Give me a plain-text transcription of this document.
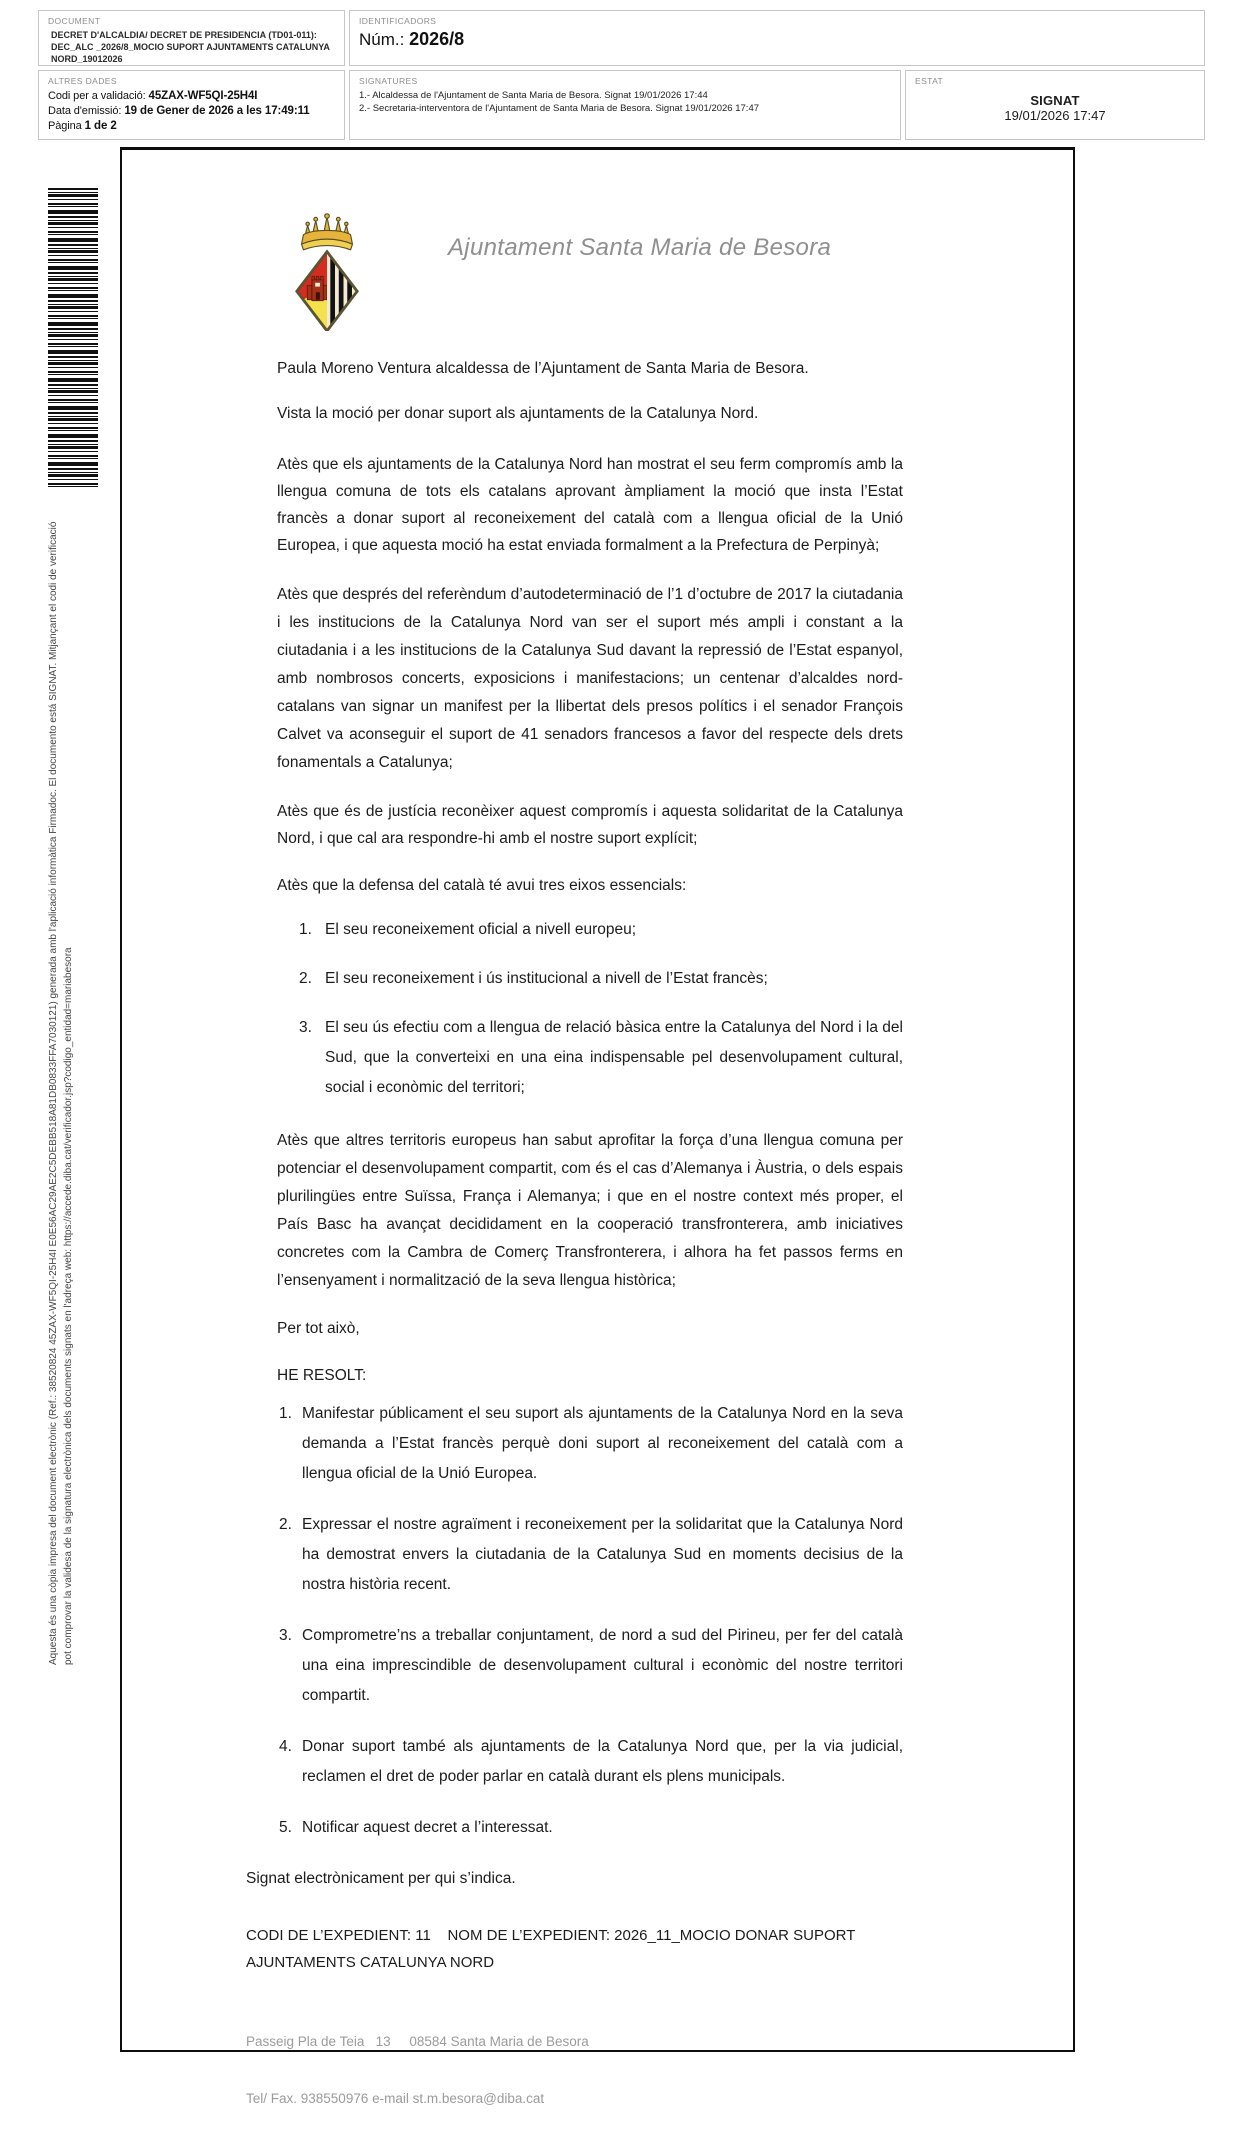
DOCUMENT
DECRET D'ALCALDIA/ DECRET DE PRESIDENCIA (TD01-011): DEC_ALC _2026/8_MOCIO SUPORT AJUNTAMENTS CATALUNYA NORD_19012026
IDENTIFICADORS
Núm.: 2026/8
ALTRES DADES
Codi per a validació: 45ZAX-WF5QI-25H4I
Data d'emissió: 19 de Gener de 2026 a les 17:49:11
Pàgina 1 de 2
SIGNATURES
1.- Alcaldessa de l'Ajuntament de Santa Maria de Besora. Signat 19/01/2026 17:44
2.- Secretaria-interventora de l'Ajuntament de Santa Maria de Besora. Signat 19/01/2026 17:47
ESTAT
SIGNAT
19/01/2026 17:47
Aquesta és una còpia impresa del document electrònic (Ref.: 38520824 45ZAX-WF5QI-25H4I E0E56AC29AE2C5DEBB518A81DB0833FFA7030121) generada amb l'aplicació informàtica Firmadoc. El documento está SIGNAT. Mitjançant el codi de verificació pot comprovar la validesa de la signatura electrònica dels documents signats en l'adreça web: https://accede.diba.cat/verificador.jsp?codigo_entidad=mariabesora
Ajuntament Santa Maria de Besora

Paula Moreno Ventura alcaldessa de l’Ajuntament de Santa Maria de Besora.

Vista la moció per donar suport als ajuntaments de la Catalunya Nord.

Atès que els ajuntaments de la Catalunya Nord han mostrat el seu ferm compromís amb la llengua comuna de tots els catalans aprovant àmpliament la moció que insta l’Estat francès a donar suport al reconeixement del català com a llengua oficial de la Unió Europea, i que aquesta moció ha estat enviada formalment a la Prefectura de Perpinyà;

Atès que després del referèndum d’autodeterminació de l’1 d’octubre de 2017 la ciutadania i les institucions de la Catalunya Nord van ser el suport més ampli i constant a la ciutadania i a les institucions de la Catalunya Sud davant la repressió de l’Estat espanyol, amb nombrosos concerts, exposicions i manifestacions; un centenar d’alcaldes nord-catalans van signar un manifest per la llibertat dels presos polítics i el senador François Calvet va aconseguir el suport de 41 senadors francesos a favor del respecte dels drets fonamentals a Catalunya;

Atès que és de justícia reconèixer aquest compromís i aquesta solidaritat de la Catalunya Nord, i que cal ara respondre-hi amb el nostre suport explícit;

Atès que la defensa del català té avui tres eixos essencials:

1. El seu reconeixement oficial a nivell europeu;
2. El seu reconeixement i ús institucional a nivell de l’Estat francès;
3. El seu ús efectiu com a llengua de relació bàsica entre la Catalunya del Nord i la del Sud, que la converteixi en una eina indispensable pel desenvolupament cultural, social i econòmic del territori;

Atès que altres territoris europeus han sabut aprofitar la força d’una llengua comuna per potenciar el desenvolupament compartit, com és el cas d’Alemanya i Àustria, o dels espais plurilingües entre Suïssa, França i Alemanya; i que en el nostre context més proper, el País Basc ha avançat decididament en la cooperació transfronterera, amb iniciatives concretes com la Cambra de Comerç Transfronterera, i alhora ha fet passos ferms en l’ensenyament i normalització de la seva llengua històrica;

Per tot això,

HE RESOLT:

1. Manifestar públicament el seu suport als ajuntaments de la Catalunya Nord en la seva demanda a l’Estat francès perquè doni suport al reconeixement del català com a llengua oficial de la Unió Europea.
2. Expressar el nostre agraïment i reconeixement per la solidaritat que la Catalunya Nord ha demostrat envers la ciutadania de la Catalunya Sud en moments decisius de la nostra història recent.
3. Comprometre’ns a treballar conjuntament, de nord a sud del Pirineu, per fer del català una eina imprescindible de desenvolupament cultural i econòmic del nostre territori compartit.
4. Donar suport també als ajuntaments de la Catalunya Nord que, per la via judicial, reclamen el dret de poder parlar en català durant els plens municipals.
5. Notificar aquest decret a l’interessat.

Signat electrònicament per qui s’indica.

CODI DE L’EXPEDIENT: 11    NOM DE L’EXPEDIENT: 2026_11_MOCIO DONAR SUPORT AJUNTAMENTS CATALUNYA NORD

Passeig Pla de Teia   13     08584 Santa Maria de Besora

Tel/ Fax. 938550976 e-mail st.m.besora@diba.cat
